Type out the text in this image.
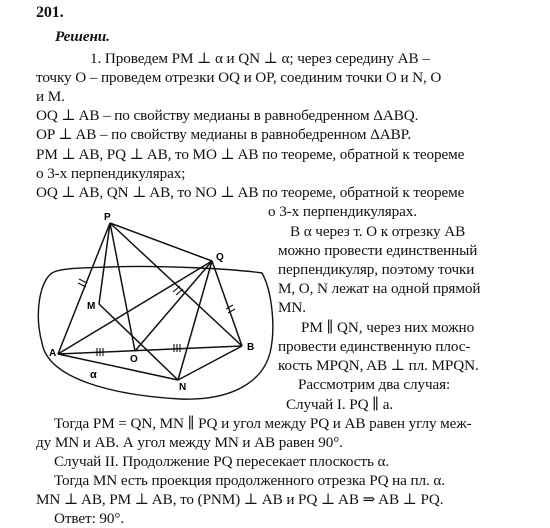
201.
Решени.
1. Проведем PM ⊥ α и QN ⊥ α; через середину AB –
точку O – проведем отрезки OQ и OP, соединим точки O и N, O
и M.
OQ ⊥ AB – по свойству медианы в равнобедренном ΔABQ.
OP ⊥ AB – по свойству медианы в равнобедренном ΔABP.
PM ⊥ AB, PQ ⊥ AB, то MO ⊥ AB по теореме, обратной к теореме
о 3-х перпендикулярах;
OQ ⊥ AB, QN ⊥ AB, то NO ⊥ AB по теореме, обратной к теореме
о 3-х перпендикулярах.
В α через т. O к отрезку AB
можно провести единственный
перпендикуляр, поэтому точки
M, O, N лежат на одной прямой
MN.
PM ∥ QN, через них можно
провести единственную плос-
кость MPQN, AB ⊥ пл. MPQN.
Рассмотрим два случая:
Случай I. PQ ∥ a.
Тогда PM = QN, MN ∥ PQ и угол между PQ и AB равен углу меж-
ду MN и AB. А угол между MN и AB равен 90°.
Случай II. Продолжение PQ пересекает плоскость α.
Тогда MN есть проекция продолженного отрезка PQ на пл. α.
MN ⊥ AB, PM ⊥ AB, то (PNM) ⊥ AB и PQ ⊥ AB ⇒ AB ⊥ PQ.
Ответ: 90°.
P
Q
M
A
O
B
N
α
